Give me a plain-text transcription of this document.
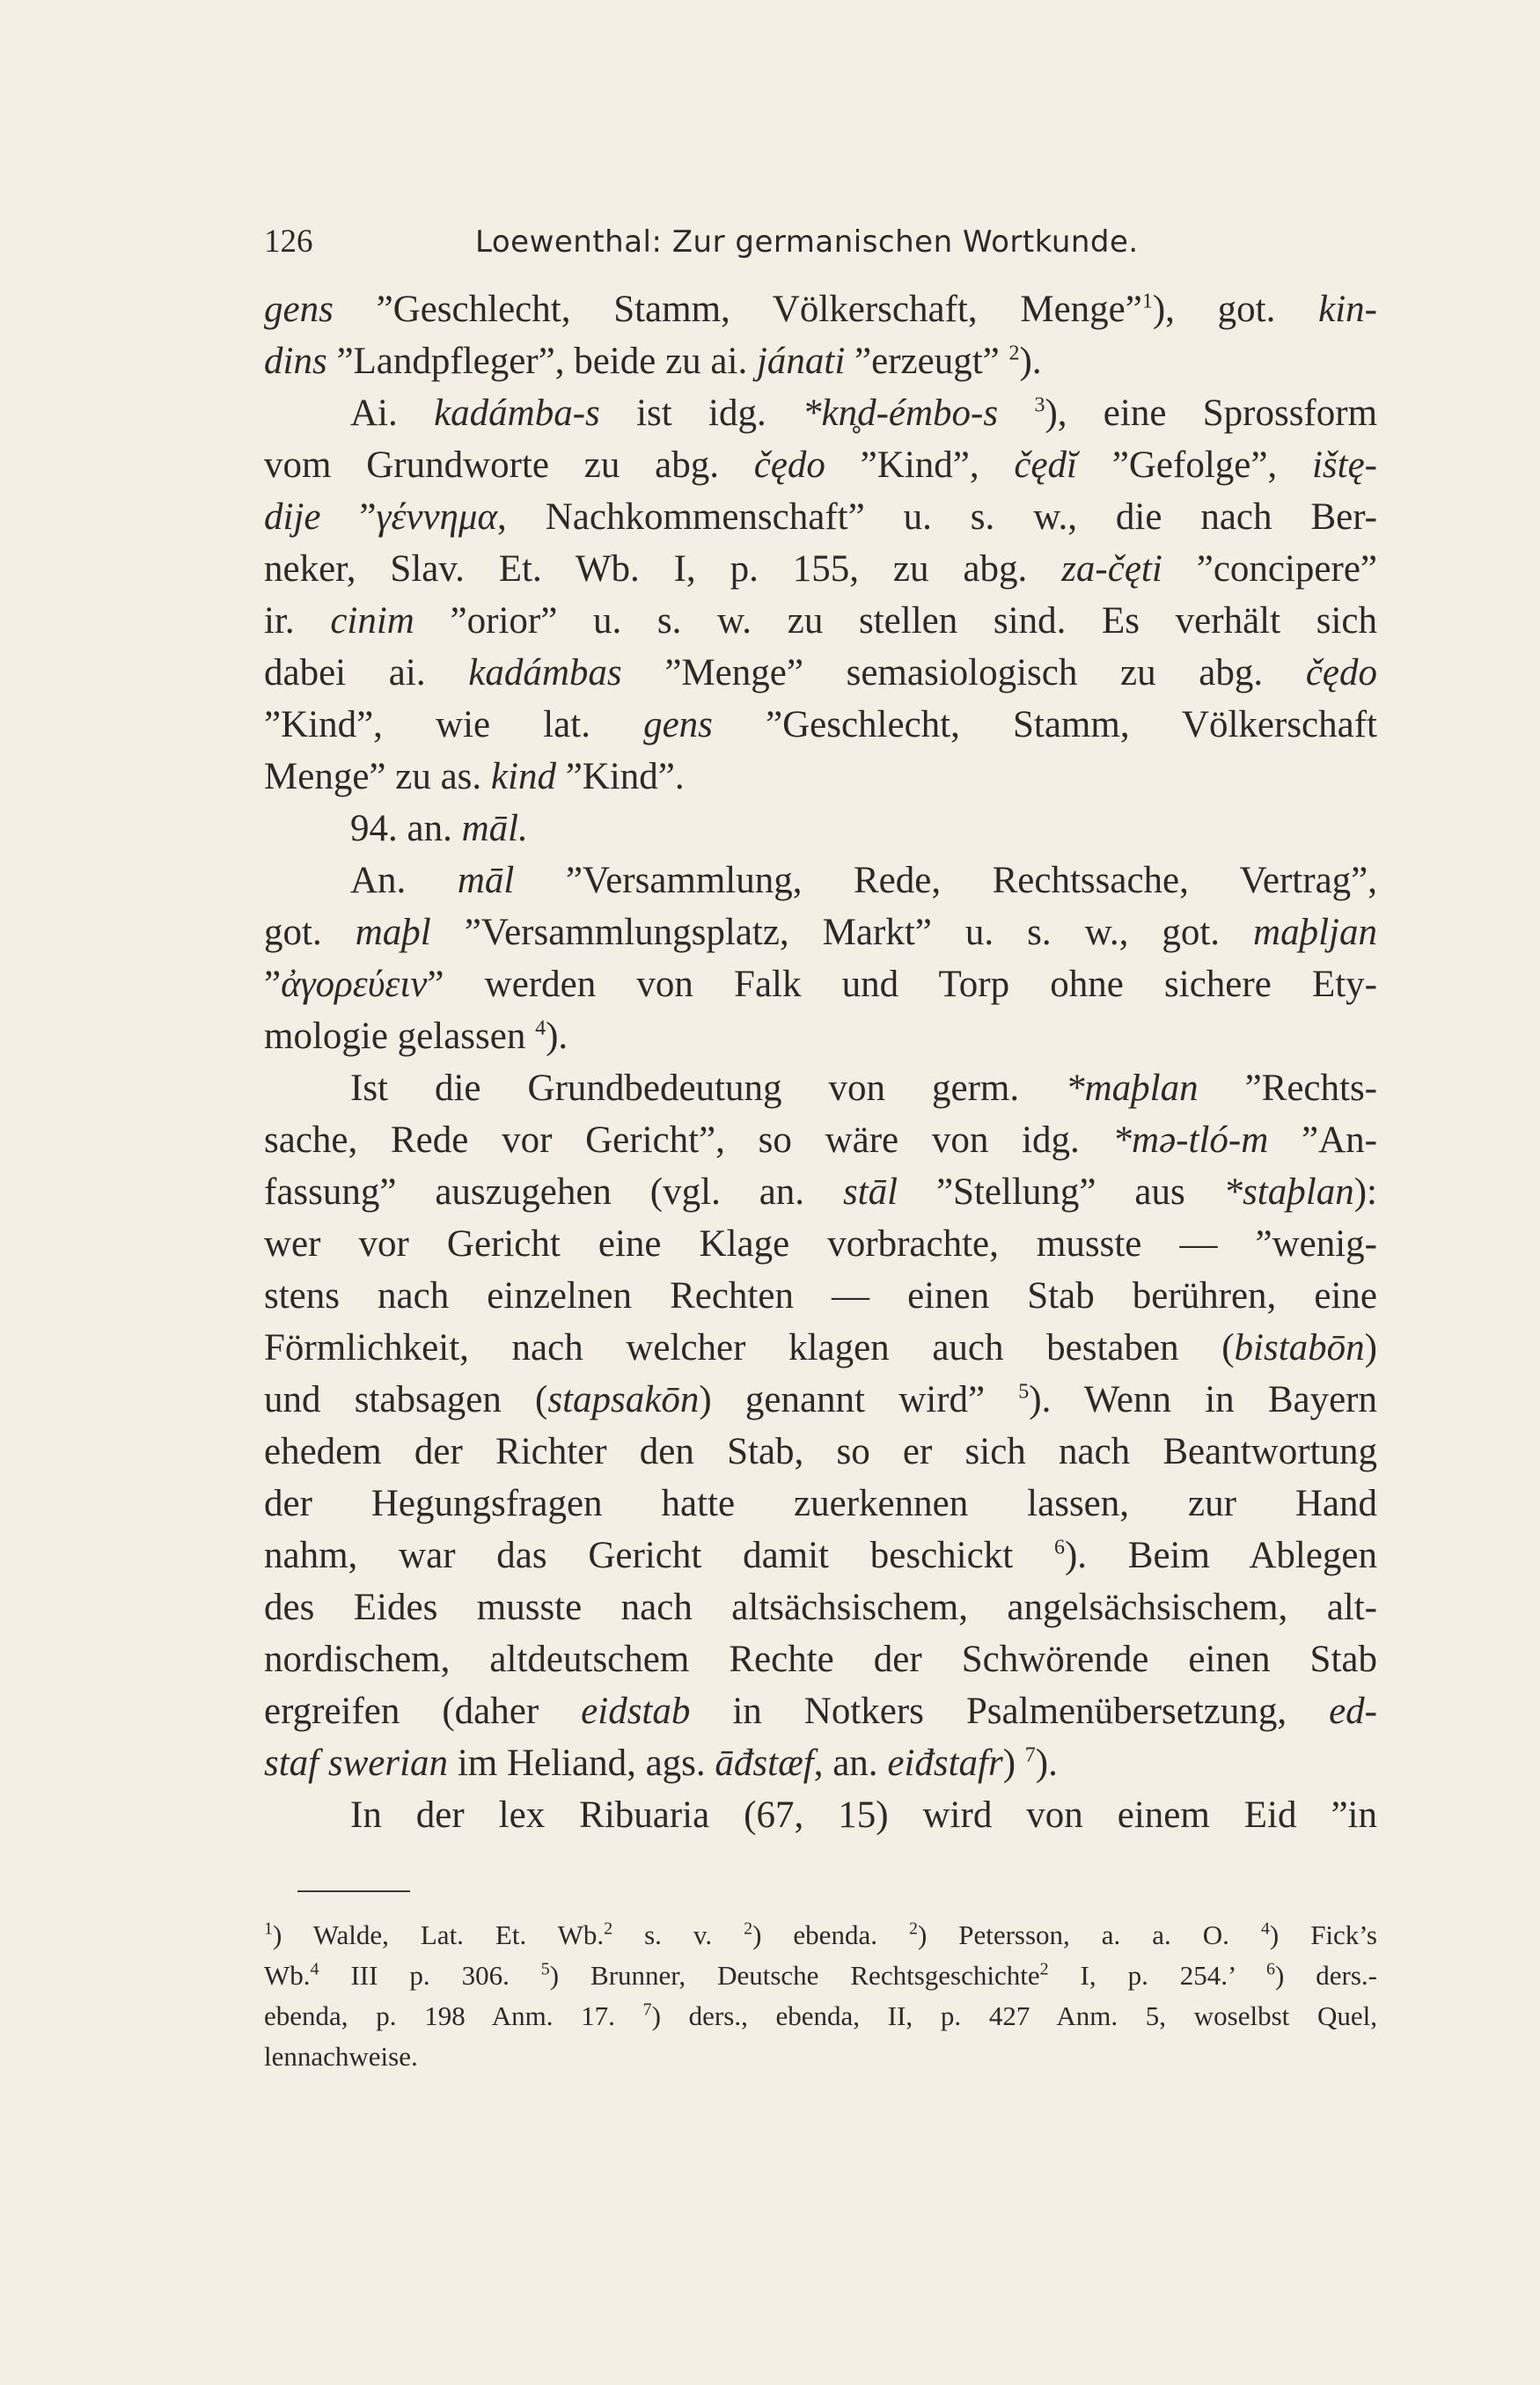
126	Loewenthal: Zur germanischen Wortkunde.
gens ”Geschlecht, Stamm, Völkerschaft, Menge”$^1$), got. kin-
dins ”Landpfleger”, beide zu ai. jánati ”erzeugt” $^2$).
Ai. kadámba-s ist idg. *kn̥d-émbo-s $^3$), eine Sprossform
vom Grundworte zu abg. čędo ”Kind”, čędĭ ”Gefolge”, ištę-
dije ”γέννημα, Nachkommenschaft” u. s. w., die nach Ber-
neker, Slav. Et. Wb. I, p. 155, zu abg. za-čęti ”concipere”
ir. cinim ”orior” u. s. w. zu stellen sind. Es verhält sich
dabei ai. kadámbas ”Menge” semasiologisch zu abg. čędo
”Kind”, wie lat. gens ”Geschlecht, Stamm, Völkerschaft
Menge” zu as. kind ”Kind”.
94. an. māl.
An. māl ”Versammlung, Rede, Rechtssache, Vertrag”,
got. maþl ”Versammlungsplatz, Markt” u. s. w., got. maþljan
”ἀγορεύειν” werden von Falk und Torp ohne sichere Ety-
mologie gelassen $^4$).
Ist die Grundbedeutung von germ. *maþlan ”Rechts-
sache, Rede vor Gericht”, so wäre von idg. *mə-tló-m ”An-
fassung” auszugehen (vgl. an. stāl ”Stellung” aus *staþlan):
wer vor Gericht eine Klage vorbrachte, musste — ”wenig-
stens nach einzelnen Rechten — einen Stab berühren, eine
Förmlichkeit, nach welcher klagen auch bestaben (bistabōn)
und stabsagen (stapsakōn) genannt wird” $^5$). Wenn in Bayern
ehedem der Richter den Stab, so er sich nach Beantwortung
der Hegungsfragen hatte zuerkennen lassen, zur Hand
nahm, war das Gericht damit beschickt $^6$). Beim Ablegen
des Eides musste nach altsächsischem, angelsächsischem, alt-
nordischem, altdeutschem Rechte der Schwörende einen Stab
ergreifen (daher eidstab in Notkers Psalmenübersetzung, ed-
staf swerian im Heliand, ags. āđstæf, an. eiđstafr) $^7$).
In der lex Ribuaria (67, 15) wird von einem Eid ”in
$^1$) Walde, Lat. Et. Wb.$^2$ s. v. $^2$) ebenda. $^2$) Petersson, a. a. O. $^4$) Fick’s
Wb.$^4$ III p. 306. $^5$) Brunner, Deutsche Rechtsgeschichte$^2$ I, p. 254.’ $^6$) ders.-
ebenda, p. 198 Anm. 17. $^7$) ders., ebenda, II, p. 427 Anm. 5, woselbst Quel,
lennachweise.
